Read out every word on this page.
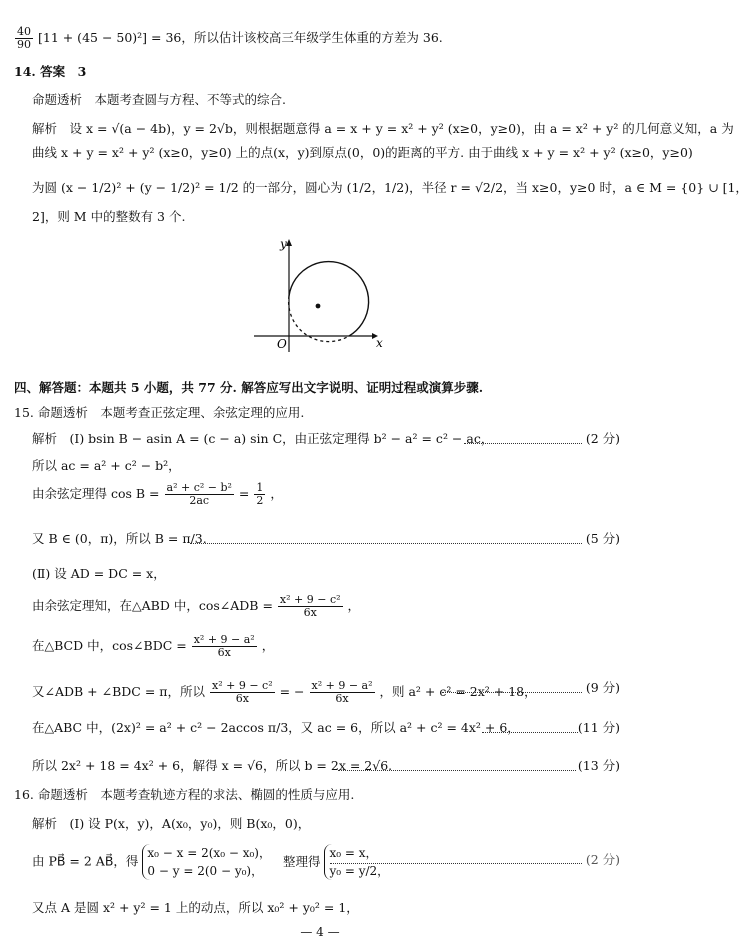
$\frac{40}{90} [11 + (45 - 50)^2] = 36$，所以估计该校高三年级学生体重的方差为 36.
14. 答案　3
命题透析　本题考查圆与方程、不等式的综合.
解析　设 x = √(a − 4b)，y = 2√b，则根据题意得 a = x + y = x² + y² (x≥0，y≥0)，由 a = x² + y² 的几何意义知，a 为
曲线 x + y = x² + y² (x≥0，y≥0) 上的点(x，y)到原点(0，0)的距离的平方. 由于曲线 x + y = x² + y² (x≥0，y≥0)
为圆 (x − 1/2)² + (y − 1/2)² = 1/2 的一部分，圆心为 (1/2，1/2)，半径 r = √2/2，当 x≥0，y≥0 时，a ∈ M = {0} ∪ [1，
2]，则 M 中的整数有 3 个.
y
O	x
四、解答题：本题共 5 小题，共 77 分. 解答应写出文字说明、证明过程或演算步骤.
15. 命题透析　本题考查正弦定理、余弦定理的应用.
解析　(Ⅰ) bsin B − asin A = (c − a) sin C，由正弦定理得 b² − a² = c² − ac，	(2 分)
所以 ac = a² + c² − b²，
由余弦定理得 $\cos B = \frac{\text{a² + c² − b²}}{2ac} = \frac{1}{2}$ ，
又 B ∈ (0，π)，所以 B = π/3.	(5 分)
(Ⅱ) 设 AD = DC = x，
由余弦定理知，在△ABD 中，cos∠ADB = $\frac{\text{x² + 9 − c²}}{6x}$ ，
在△BCD 中，cos∠BDC = $\frac{\text{x² + 9 − a²}}{6x}$ ，
又∠ADB + ∠BDC = π，所以 $\frac{\text{x² + 9 − c²}}{6x}$ = − $\frac{\text{x² + 9 − a²}}{6x}$ ，则 a² + c² = 2x² + 18，	(9 分)
在△ABC 中，(2x)² = a² + c² − 2accos π/3，又 ac = 6，所以 a² + c² = 4x² + 6，	(11 分)
所以 2x² + 18 = 4x² + 6，解得 x = √6，所以 b = 2x = 2√6.	(13 分)
16. 命题透析　本题考查轨迹方程的求法、椭圆的性质与应用.
解析　(Ⅰ) 设 P(x，y)，A(x₀，y₀)，则 B(x₀，0)，
由 PB⃗ = 2 AB⃗，得 x₀ − x = 2(x₀ − x₀)，
0 − y = 2(0 − y₀)， 整理得 x₀ = x，
y₀ = y/2，
(2 分)
又点 A 是圆 x² + y² = 1 上的动点，所以 x₀² + y₀² = 1，
— 4 —
